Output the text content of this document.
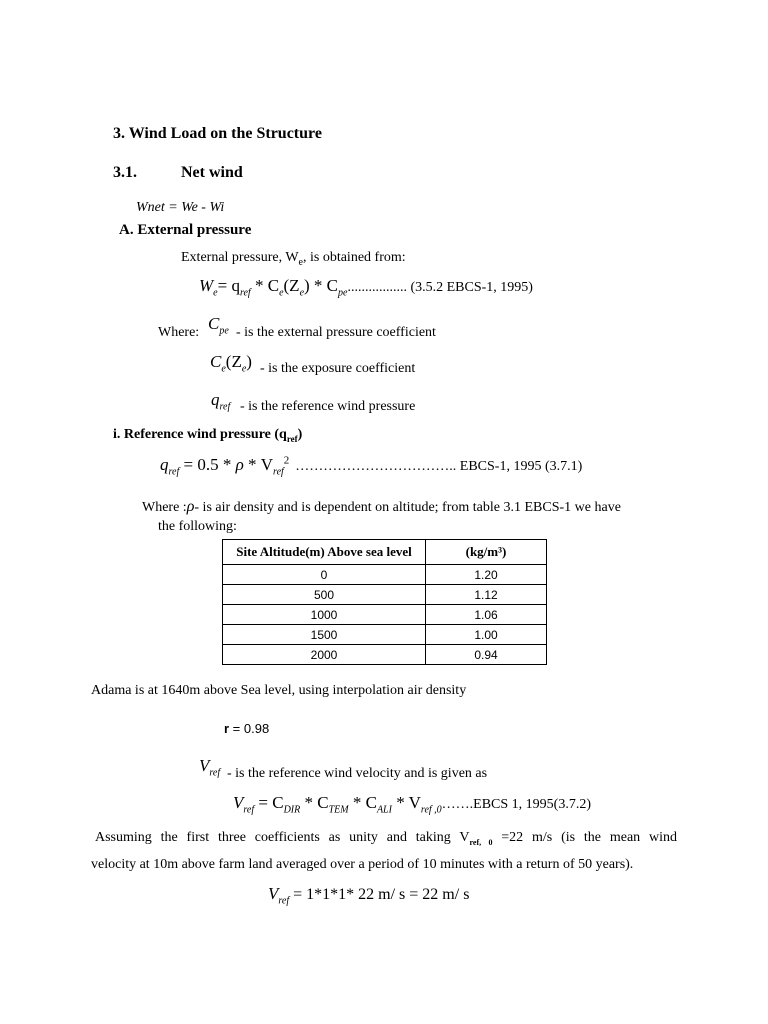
3. Wind Load on the Structure
3.1.	Net wind
Wnet = We - Wi
A. External pressure
External pressure, $W_e$, is obtained from:
$W_e= q_{ref} * C_e(Z_e) * C_{pe}$................. (3.5.2 EBCS-1, 1995)
Where: $C_{pe}$ - is the external pressure coefficient
$C_e(Z_e)$ - is the exposure coefficient
$q_{ref}$ - is the reference wind pressure
i. Reference wind pressure $(q_{ref})$
$q_{ref} = 0.5 * \rho * V_{ref}^2$ …………………………….. EBCS-1, 1995 (3.7.1)
Where :ρ- is air density and is dependent on altitude; from table 3.1 EBCS-1 we have
the following:
Site Altitude(m) Above sea level	(kg/m³)
0	1.20
500	1.12
1000	1.06
1500	1.00
2000	0.94
Adama is at 1640m above Sea level, using interpolation air density
r = 0.98
$V_{ref}$ - is the reference wind velocity and is given as
$V_{ref} = C_{DIR} * C_{TEM} * C_{ALI}$ * $V_{ref ,0}\dots\dots.EBCS$ 1, 1995(3.7.2)
Assuming the first three coefficients as unity and taking $V_{ref, 0} =22$ m/s (is the mean wind
velocity at 10m above farm land averaged over a period of 10 minutes with a return of 50 years).
$V_{ref} = 1*1*1*$ 22 m/ s = 22 m/ s
